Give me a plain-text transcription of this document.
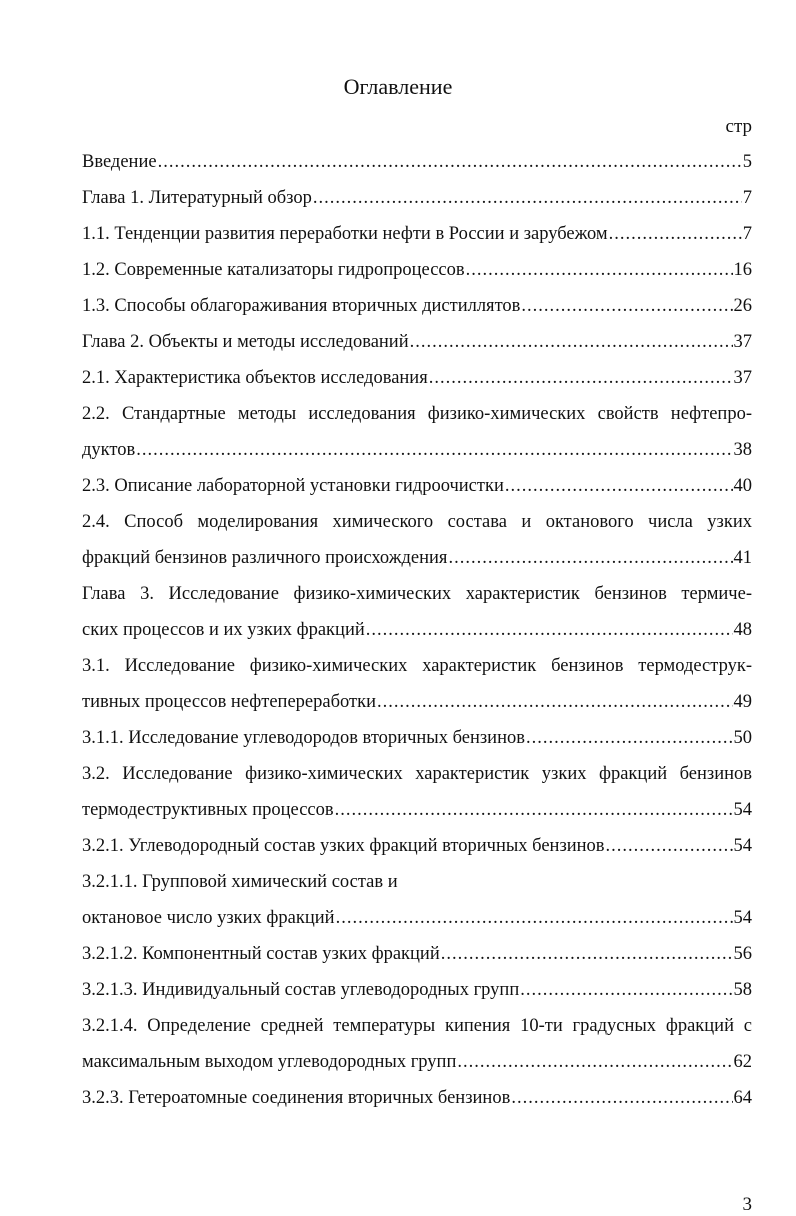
Оглавление
стр
Введение .....	5
Глава 1. Литературный обзор .....	7
1.1. Тенденции развития переработки нефти в России и зарубежом .....	7
1.2. Современные катализаторы гидропроцессов .....	16
1.3. Способы облагораживания вторичных дистиллятов .....	26
Глава 2. Объекты и методы исследований .....	37
2.1. Характеристика объектов исследования .....	37
2.2. Стандартные методы исследования физико-химических свойств нефтепро-
дуктов .....	38
2.3. Описание лабораторной установки гидроочистки .....	40
2.4. Способ моделирования химического состава и октанового числа узких
фракций бензинов различного происхождения .....	41
Глава 3. Исследование физико-химических характеристик бензинов термиче-
ских процессов и их узких фракций .....	48
3.1. Исследование физико-химических характеристик бензинов термодеструк-
тивных процессов нефтепереработки .....	49
3.1.1. Исследование углеводородов вторичных бензинов .....	50
3.2. Исследование физико-химических характеристик узких фракций бензинов
термодеструктивных процессов .....	54
3.2.1. Углеводородный состав узких фракций вторичных бензинов .....	54
3.2.1.1. Групповой химический состав и
октановое число узких фракций .....	54
3.2.1.2. Компонентный состав узких фракций .....	56
3.2.1.3. Индивидуальный состав углеводородных групп .....	58
3.2.1.4. Определение средней температуры кипения 10-ти градусных фракций с
максимальным выходом углеводородных групп .....	62
3.2.3. Гетероатомные соединения вторичных бензинов .....	64
3
